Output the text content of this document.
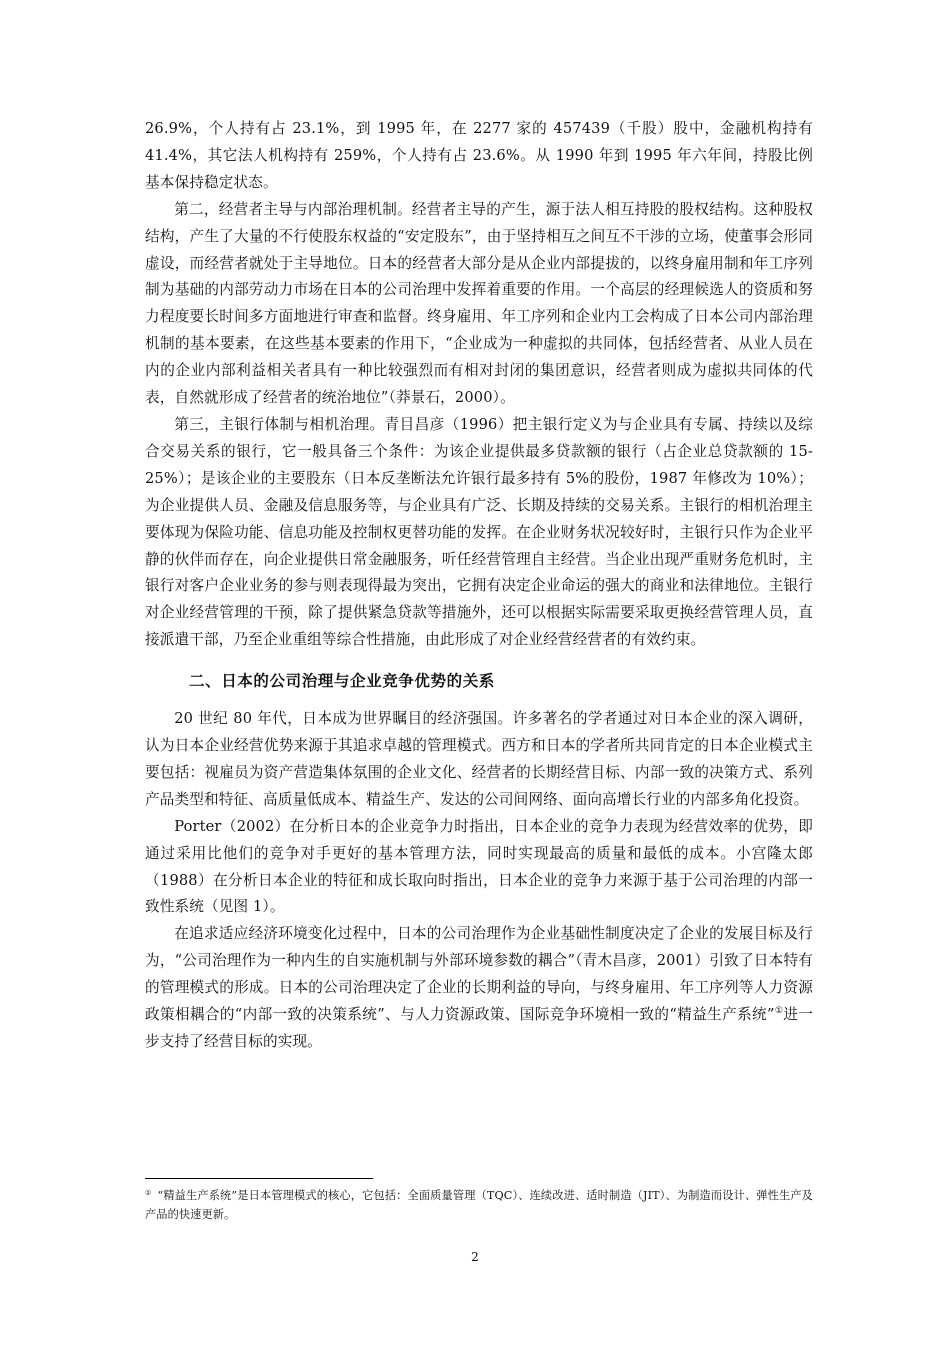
26.9%，个人持有占 23.1%，到 1995 年，在 2277 家的 457439（千股）股中，金融机构持有 41.4%，其它法人机构持有 259%，个人持有占 23.6%。从 1990 年到 1995 年六年间，持股比例基本保持稳定状态。

第二，经营者主导与内部治理机制。经营者主导的产生，源于法人相互持股的股权结构。这种股权结构，产生了大量的不行使股东权益的“安定股东”，由于坚持相互之间互不干涉的立场，使董事会形同虚设，而经营者就处于主导地位。日本的经营者大部分是从企业内部提拔的，以终身雇用制和年工序列制为基础的内部劳动力市场在日本的公司治理中发挥着重要的作用。一个高层的经理候选人的资质和努力程度要长时间多方面地进行审查和监督。终身雇用、年工序列和企业内工会构成了日本公司内部治理机制的基本要素，在这些基本要素的作用下，“企业成为一种虚拟的共同体，包括经营者、从业人员在内的企业内部利益相关者具有一种比较强烈而有相对封闭的集团意识，经营者则成为虚拟共同体的代表，自然就形成了经营者的统治地位”（莽景石，2000）。

第三，主银行体制与相机治理。青目昌彦（1996）把主银行定义为与企业具有专属、持续以及综合交易关系的银行，它一般具备三个条件：为该企业提供最多贷款额的银行（占企业总贷款额的 15-25%）；是该企业的主要股东（日本反垄断法允许银行最多持有 5%的股份，1987 年修改为 10%）；为企业提供人员、金融及信息服务等，与企业具有广泛、长期及持续的交易关系。主银行的相机治理主要体现为保险功能、信息功能及控制权更替功能的发挥。在企业财务状况较好时，主银行只作为企业平静的伙伴而存在，向企业提供日常金融服务，听任经营管理自主经营。当企业出现严重财务危机时，主银行对客户企业业务的参与则表现得最为突出，它拥有决定企业命运的强大的商业和法律地位。主银行对企业经营管理的干预，除了提供紧急贷款等措施外，还可以根据实际需要采取更换经营管理人员，直接派遣干部，乃至企业重组等综合性措施，由此形成了对企业经营经营者的有效约束。

二、日本的公司治理与企业竞争优势的关系

20 世纪 80 年代，日本成为世界瞩目的经济强国。许多著名的学者通过对日本企业的深入调研，认为日本企业经营优势来源于其追求卓越的管理模式。西方和日本的学者所共同肯定的日本企业模式主要包括：视雇员为资产营造集体氛围的企业文化、经营者的长期经营目标、内部一致的决策方式、系列产品类型和特征、高质量低成本、精益生产、发达的公司间网络、面向高增长行业的内部多角化投资。

Porter（2002）在分析日本的企业竞争力时指出，日本企业的竞争力表现为经营效率的优势，即通过采用比他们的竞争对手更好的基本管理方法，同时实现最高的质量和最低的成本。小宫隆太郎（1988）在分析日本企业的特征和成长取向时指出，日本企业的竞争力来源于基于公司治理的内部一致性系统（见图 1）。

在追求适应经济环境变化过程中，日本的公司治理作为企业基础性制度决定了企业的发展目标及行为，“公司治理作为一种内生的自实施机制与外部环境参数的耦合”（青木昌彦，2001）引致了日本特有的管理模式的形成。日本的公司治理决定了企业的长期利益的导向，与终身雇用、年工序列等人力资源政策相耦合的“内部一致的决策系统”、与人力资源政策、国际竞争环境相一致的“精益生产系统”①进一步支持了经营目标的实现。

① “精益生产系统”是日本管理模式的核心，它包括：全面质量管理（TQC）、连续改进、适时制造（JIT）、为制造而设计、弹性生产及产品的快速更新。

2
